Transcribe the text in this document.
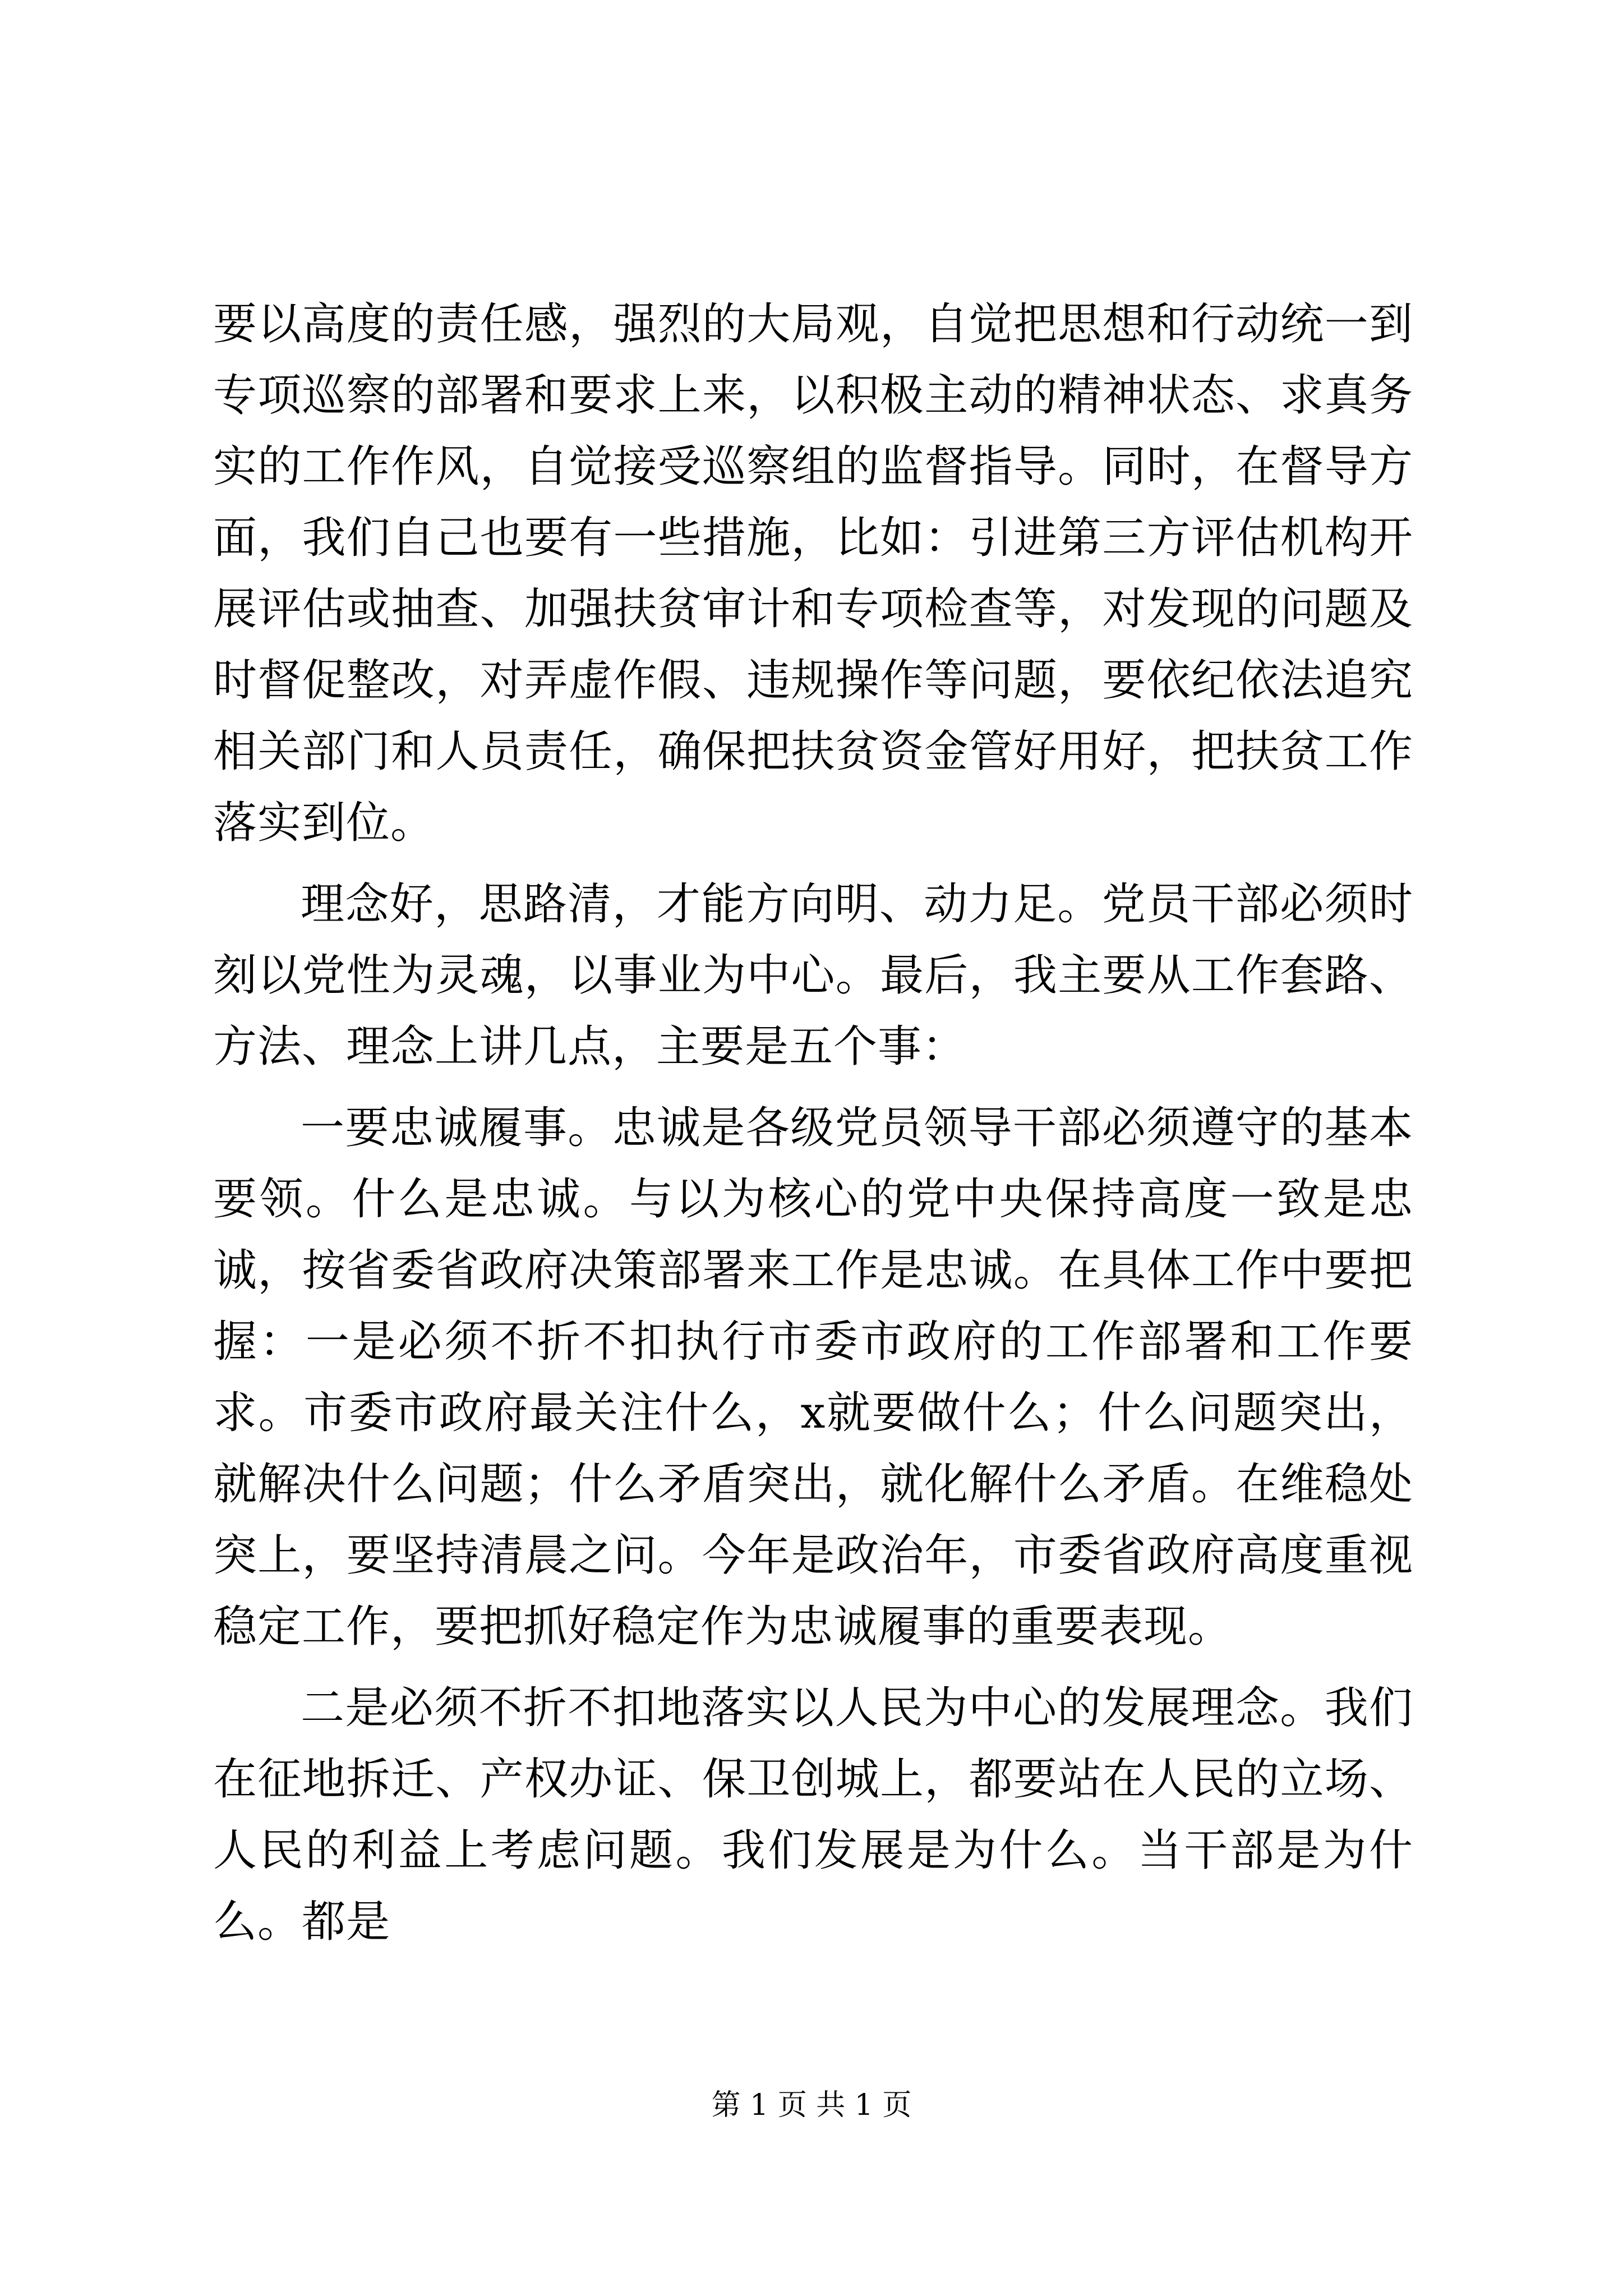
要以高度的责任感，强烈的大局观，自觉把思想和行动统一到专项巡察的部署和要求上来，以积极主动的精神状态、求真务实的工作作风，自觉接受巡察组的监督指导。同时，在督导方面，我们自己也要有一些措施，比如：引进第三方评估机构开展评估或抽查、加强扶贫审计和专项检查等，对发现的问题及时督促整改，对弄虚作假、违规操作等问题，要依纪依法追究相关部门和人员责任，确保把扶贫资金管好用好，把扶贫工作落实到位。

理念好，思路清，才能方向明、动力足。党员干部必须时刻以党性为灵魂，以事业为中心。最后，我主要从工作套路、方法、理念上讲几点，主要是五个事：

一要忠诚履事。忠诚是各级党员领导干部必须遵守的基本要领。什么是忠诚。与以为核心的党中央保持高度一致是忠诚，按省委省政府决策部署来工作是忠诚。在具体工作中要把握：一是必须不折不扣执行市委市政府的工作部署和工作要求。市委市政府最关注什么，x就要做什么；什么问题突出，就解决什么问题；什么矛盾突出，就化解什么矛盾。在维稳处突上，要坚持清晨之问。今年是政治年，市委省政府高度重视稳定工作，要把抓好稳定作为忠诚履事的重要表现。

二是必须不折不扣地落实以人民为中心的发展理念。我们在征地拆迁、产权办证、保卫创城上，都要站在人民的立场、人民的利益上考虑问题。我们发展是为什么。当干部是为什么。都是

第 1 页 共 1 页
